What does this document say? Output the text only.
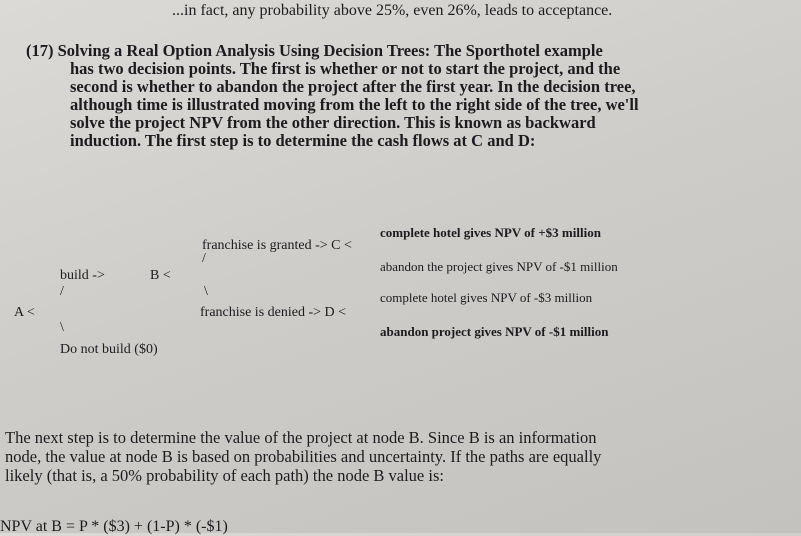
...in fact, any probability above 25%, even 26%, leads to acceptance.
(17) Solving a Real Option Analysis Using Decision Trees: The Sporthotel example
has two decision points. The first is whether or not to start the project, and the
second is whether to abandon the project after the first year. In the decision tree,
although time is illustrated moving from the left to the right side of the tree, we'll
solve the project NPV from the other direction. This is known as backward
induction. The first step is to determine the cash flows at C and D:
complete hotel gives NPV of +$3 million
franchise is granted -> C <
/
abandon the project gives NPV of -$1 million
build ->	B <
/	\	complete hotel gives NPV of -$3 million
A <	franchise is denied -> D <
\	abandon project gives NPV of -$1 million
Do not build ($0)
The next step is to determine the value of the project at node B. Since B is an information
node, the value at node B is based on probabilities and uncertainty. If the paths are equally
likely (that is, a 50% probability of each path) the node B value is:
NPV at B = P * ($3) + (1-P) * (-$1)
